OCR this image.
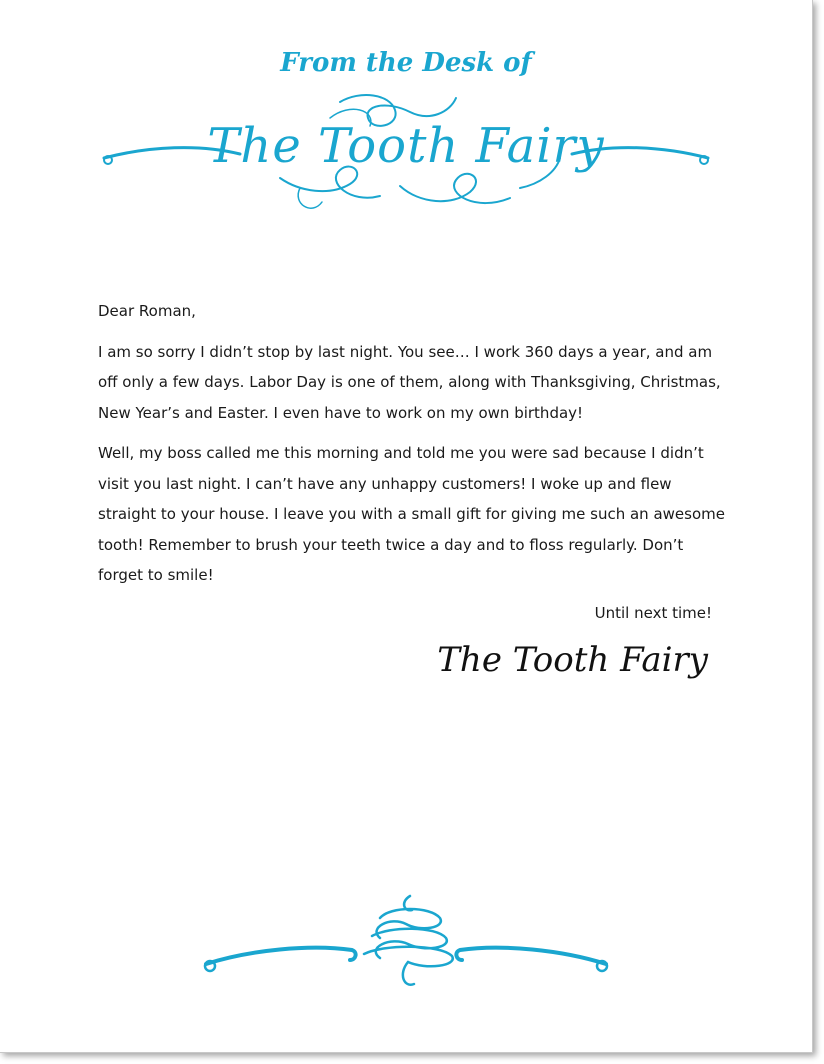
From the Desk of
The Tooth Fairy

Dear Roman,

I am so sorry I didn’t stop by last night. You see… I work 360 days a year, and am off only a few days. Labor Day is one of them, along with Thanksgiving, Christmas, New Year’s and Easter. I even have to work on my own birthday!

Well, my boss called me this morning and told me you were sad because I didn’t visit you last night. I can’t have any unhappy customers! I woke up and flew straight to your house. I leave you with a small gift for giving me such an awesome tooth! Remember to brush your teeth twice a day and to floss regularly. Don’t forget to smile!

Until next time!
The Tooth Fairy
